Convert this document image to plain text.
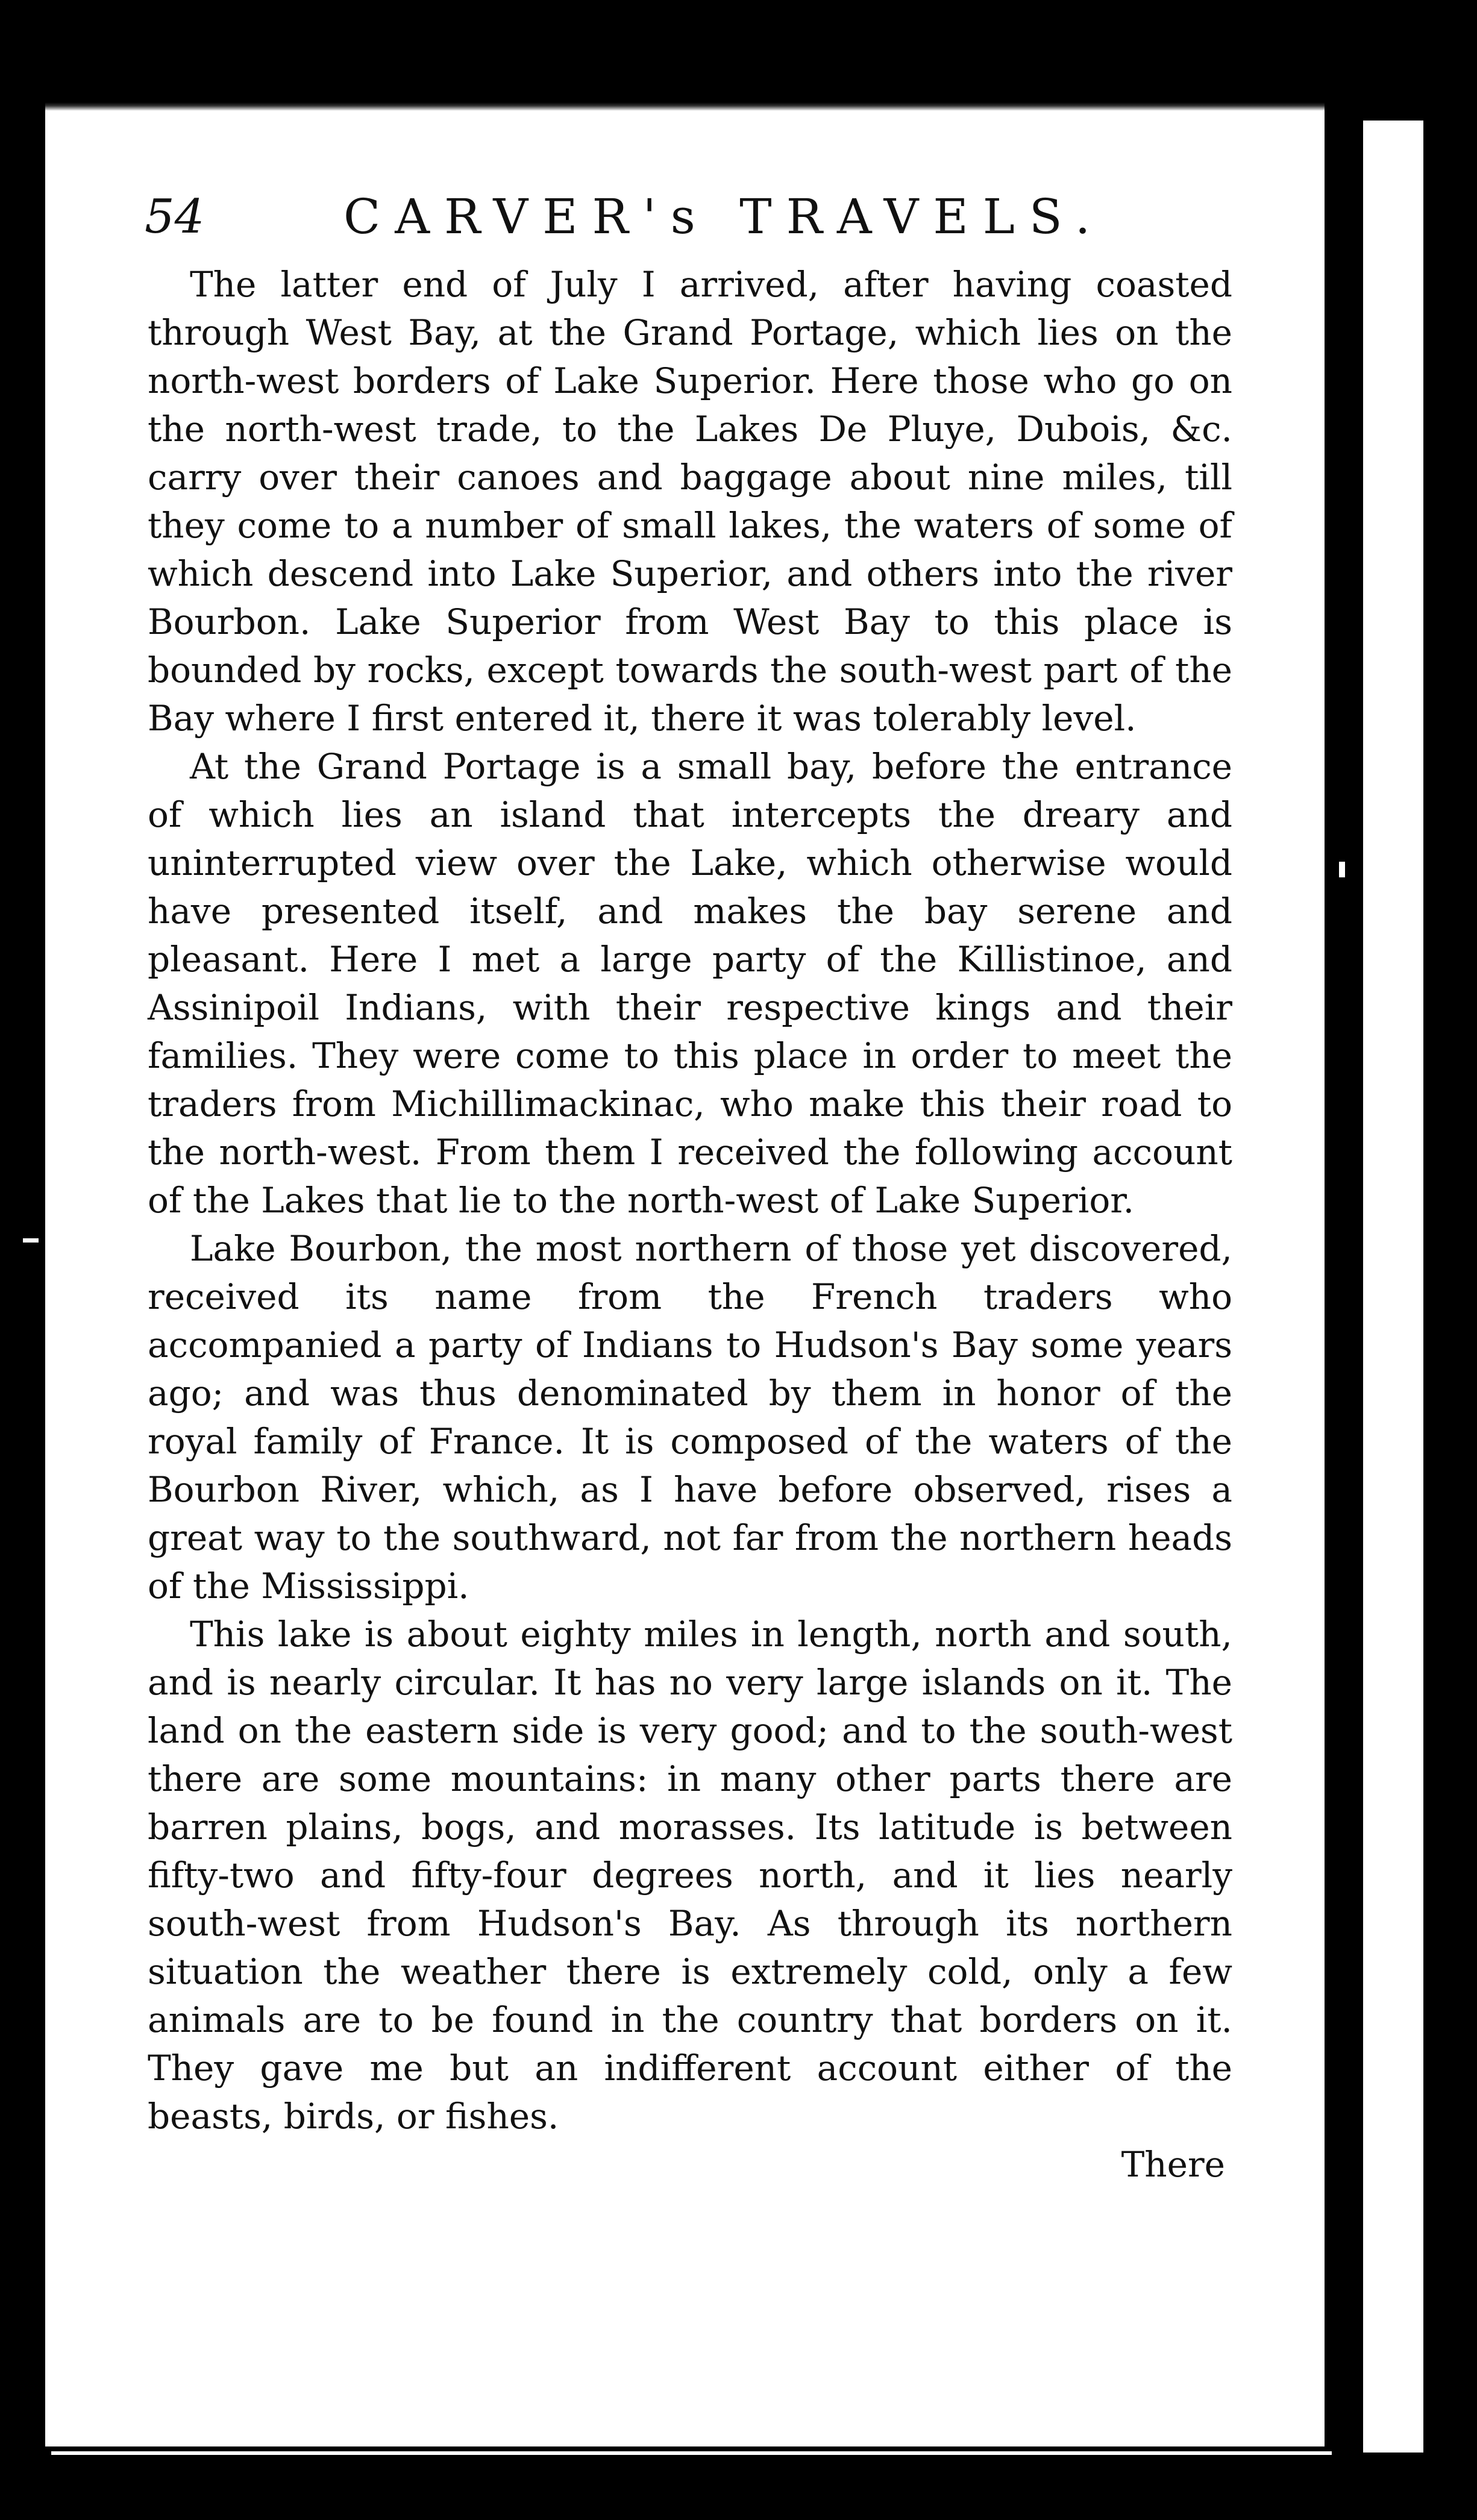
54	CARVER's TRAVELS.

The latter end of July I arrived, after having coasted through West Bay, at the Grand Portage, which lies on the north-west borders of Lake Superior. Here those who go on the north-west trade, to the Lakes De Pluye, Dubois, &c. carry over their canoes and baggage about nine miles, till they come to a number of small lakes, the waters of some of which descend into Lake Superior, and others into the river Bourbon. Lake Superior from West Bay to this place is bounded by rocks, except towards the south-west part of the Bay where I first entered it, there it was tolerably level.

At the Grand Portage is a small bay, before the entrance of which lies an island that intercepts the dreary and uninterrupted view over the Lake, which otherwise would have presented itself, and makes the bay serene and pleasant. Here I met a large party of the Killistinoe, and Assinipoil Indians, with their respective kings and their families. They were come to this place in order to meet the traders from Michillimackinac, who make this their road to the north-west. From them I received the following account of the Lakes that lie to the north-west of Lake Superior.

Lake Bourbon, the most northern of those yet discovered, received its name from the French traders who accompanied a party of Indians to Hudson's Bay some years ago; and was thus denominated by them in honor of the royal family of France. It is composed of the waters of the Bourbon River, which, as I have before observed, rises a great way to the southward, not far from the northern heads of the Mississippi.

This lake is about eighty miles in length, north and south, and is nearly circular. It has no very large islands on it. The land on the eastern side is very good; and to the south-west there are some mountains: in many other parts there are barren plains, bogs, and morasses. Its latitude is between fifty-two and fifty-four degrees north, and it lies nearly south-west from Hudson's Bay. As through its northern situation the weather there is extremely cold, only a few animals are to be found in the country that borders on it. They gave me but an indifferent account either of the beasts, birds, or fishes.

There
